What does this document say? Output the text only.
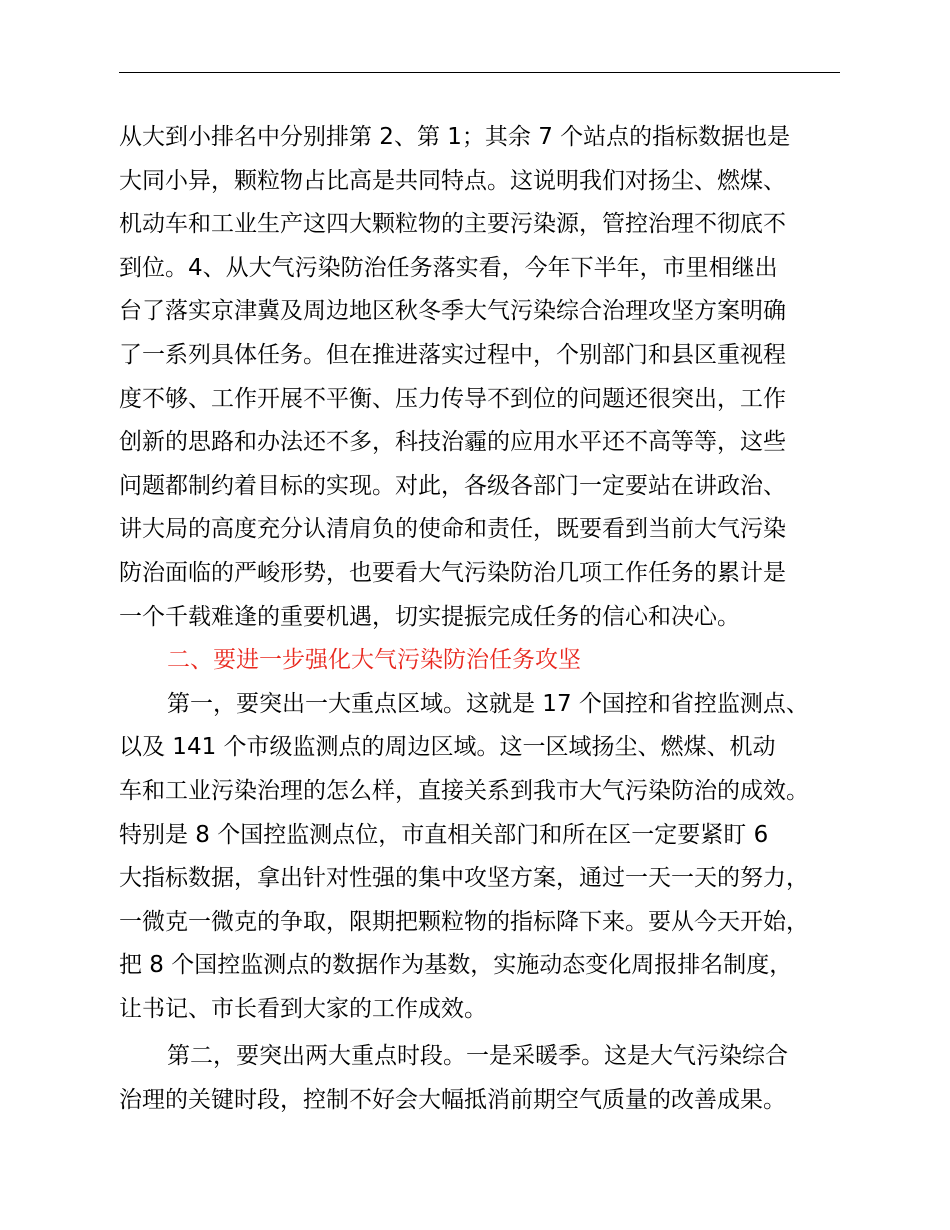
从大到小排名中分别排第 2、第 1；其余 7 个站点的指标数据也是
大同小异，颗粒物占比高是共同特点。这说明我们对扬尘、燃煤、
机动车和工业生产这四大颗粒物的主要污染源，管控治理不彻底不
到位。4、从大气污染防治任务落实看，今年下半年，市里相继出
台了落实京津冀及周边地区秋冬季大气污染综合治理攻坚方案明确
了一系列具体任务。但在推进落实过程中，个别部门和县区重视程
度不够、工作开展不平衡、压力传导不到位的问题还很突出，工作
创新的思路和办法还不多，科技治霾的应用水平还不高等等，这些
问题都制约着目标的实现。对此，各级各部门一定要站在讲政治、
讲大局的高度充分认清肩负的使命和责任，既要看到当前大气污染
防治面临的严峻形势，也要看大气污染防治几项工作任务的累计是
一个千载难逢的重要机遇，切实提振完成任务的信心和决心。
二、要进一步强化大气污染防治任务攻坚
第一，要突出一大重点区域。这就是 17 个国控和省控监测点、
以及 141 个市级监测点的周边区域。这一区域扬尘、燃煤、机动
车和工业污染治理的怎么样，直接关系到我市大气污染防治的成效。
特别是 8 个国控监测点位，市直相关部门和所在区一定要紧盯 6
大指标数据，拿出针对性强的集中攻坚方案，通过一天一天的努力，
一微克一微克的争取，限期把颗粒物的指标降下来。要从今天开始，
把 8 个国控监测点的数据作为基数，实施动态变化周报排名制度，
让书记、市长看到大家的工作成效。
第二，要突出两大重点时段。一是采暖季。这是大气污染综合
治理的关键时段，控制不好会大幅抵消前期空气质量的改善成果。
